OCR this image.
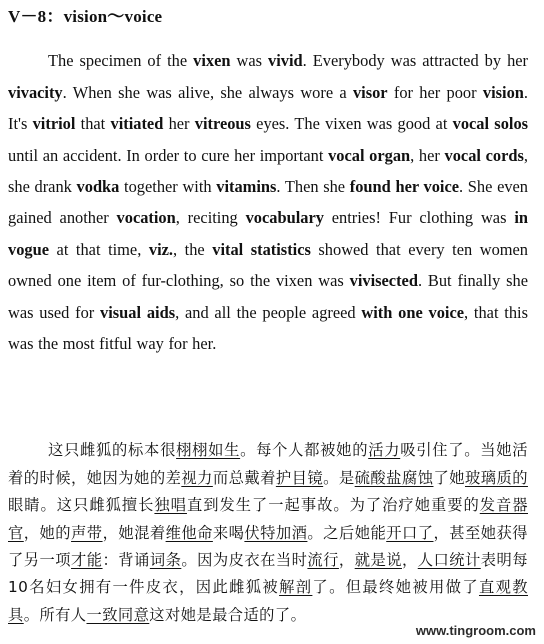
V－8：vision～voice

The specimen of the vixen was vivid. Everybody was attracted by her vivacity. When she was alive, she always wore a visor for her poor vision. It's vitriol that vitiated her vitreous eyes. The vixen was good at vocal solos until an accident. In order to cure her important vocal organ, her vocal cords, she drank vodka together with vitamins. Then she found her voice. She even gained another vocation, reciting vocabulary entries! Fur clothing was in vogue at that time, viz., the vital statistics showed that every ten women owned one item of fur-clothing, so the vixen was vivisected. But finally she was used for visual aids, and all the people agreed with one voice, that this was the most fitful way for her.

这只雌狐的标本很栩栩如生。每个人都被她的活力吸引住了。当她活着的时候，她因为她的差视力而总戴着护目镜。是硫酸盐腐蚀了她玻璃质的眼睛。这只雌狐擅长独唱直到发生了一起事故。为了治疗她重要的发音器官，她的声带，她混着维他命来喝伏特加酒。之后她能开口了，甚至她获得了另一项才能：背诵词条。因为皮衣在当时流行，就是说，人口统计表明每10名妇女拥有一件皮衣，因此雌狐被解剖了。但最终她被用做了直观教具。所有人一致同意这对她是最合适的了。

www.tingroom.com
